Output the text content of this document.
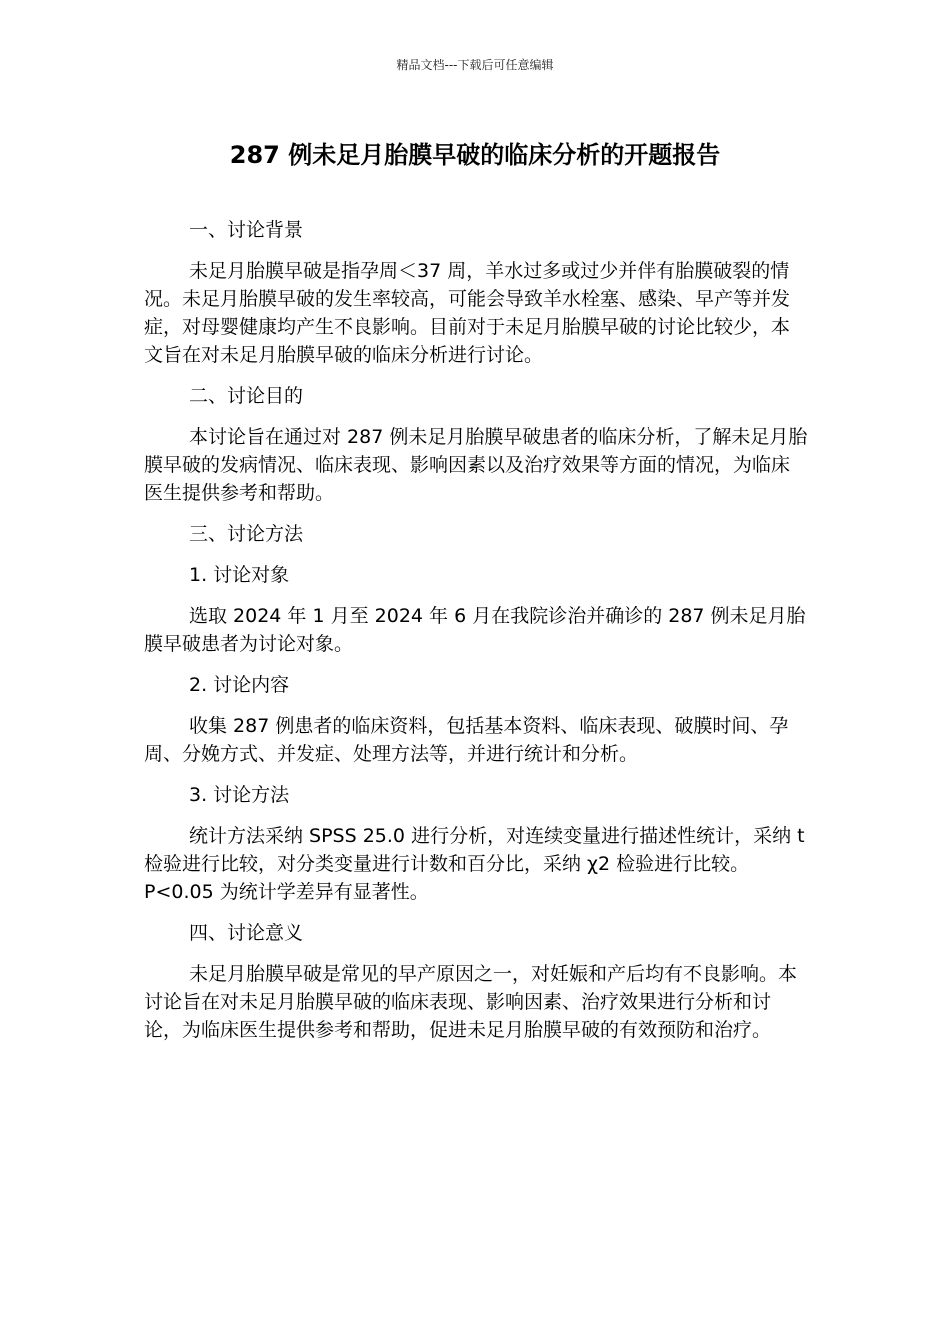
精品文档---下载后可任意编辑
287 例未足月胎膜早破的临床分析的开题报告
一、讨论背景

未足月胎膜早破是指孕周＜37 周，羊水过多或过少并伴有胎膜破裂的情况。未足月胎膜早破的发生率较高，可能会导致羊水栓塞、感染、早产等并发症，对母婴健康均产生不良影响。目前对于未足月胎膜早破的讨论比较少，本文旨在对未足月胎膜早破的临床分析进行讨论。

二、讨论目的

本讨论旨在通过对 287 例未足月胎膜早破患者的临床分析，了解未足月胎膜早破的发病情况、临床表现、影响因素以及治疗效果等方面的情况，为临床医生提供参考和帮助。

三、讨论方法
1. 讨论对象

选取 2024 年 1 月至 2024 年 6 月在我院诊治并确诊的 287 例未足月胎膜早破患者为讨论对象。

2. 讨论内容

收集 287 例患者的临床资料，包括基本资料、临床表现、破膜时间、孕周、分娩方式、并发症、处理方法等，并进行统计和分析。

3. 讨论方法

统计方法采纳 SPSS 25.0 进行分析，对连续变量进行描述性统计，采纳 t 检验进行比较，对分类变量进行计数和百分比，采纳 χ2 检验进行比较。P<0.05 为统计学差异有显著性。

四、讨论意义

未足月胎膜早破是常见的早产原因之一，对妊娠和产后均有不良影响。本讨论旨在对未足月胎膜早破的临床表现、影响因素、治疗效果进行分析和讨论，为临床医生提供参考和帮助，促进未足月胎膜早破的有效预防和治疗。
